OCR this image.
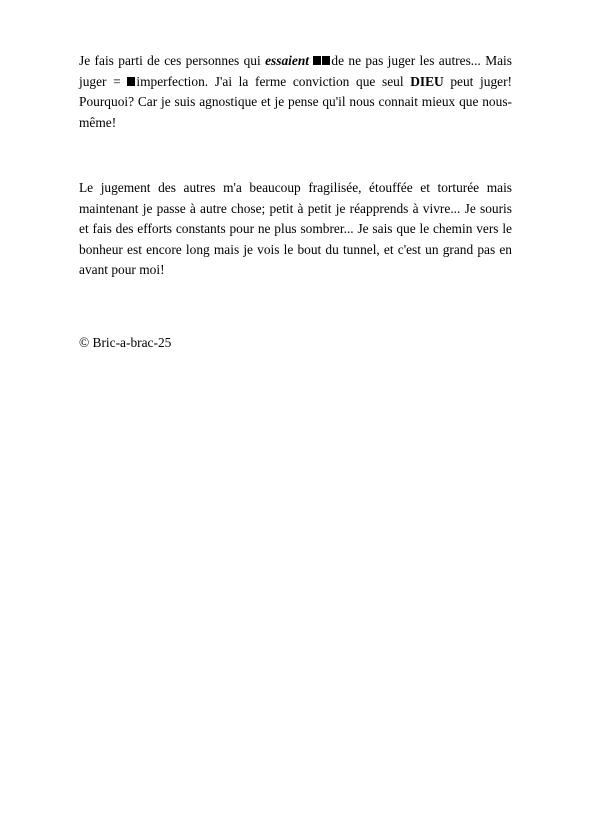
Je fais parti de ces personnes qui essaient de ne pas juger les autres... Mais juger = imperfection. J'ai la ferme conviction que seul DIEU peut juger! Pourquoi? Car je suis agnostique et je pense qu'il nous connait mieux que nous-même!

Le jugement des autres m'a beaucoup fragilisée, étouffée et torturée mais maintenant je passe à autre chose; petit à petit je réapprends à vivre... Je souris et fais des efforts constants pour ne plus sombrer... Je sais que le chemin vers le bonheur est encore long mais je vois le bout du tunnel, et c'est un grand pas en avant pour moi!

© Bric-a-brac-25
